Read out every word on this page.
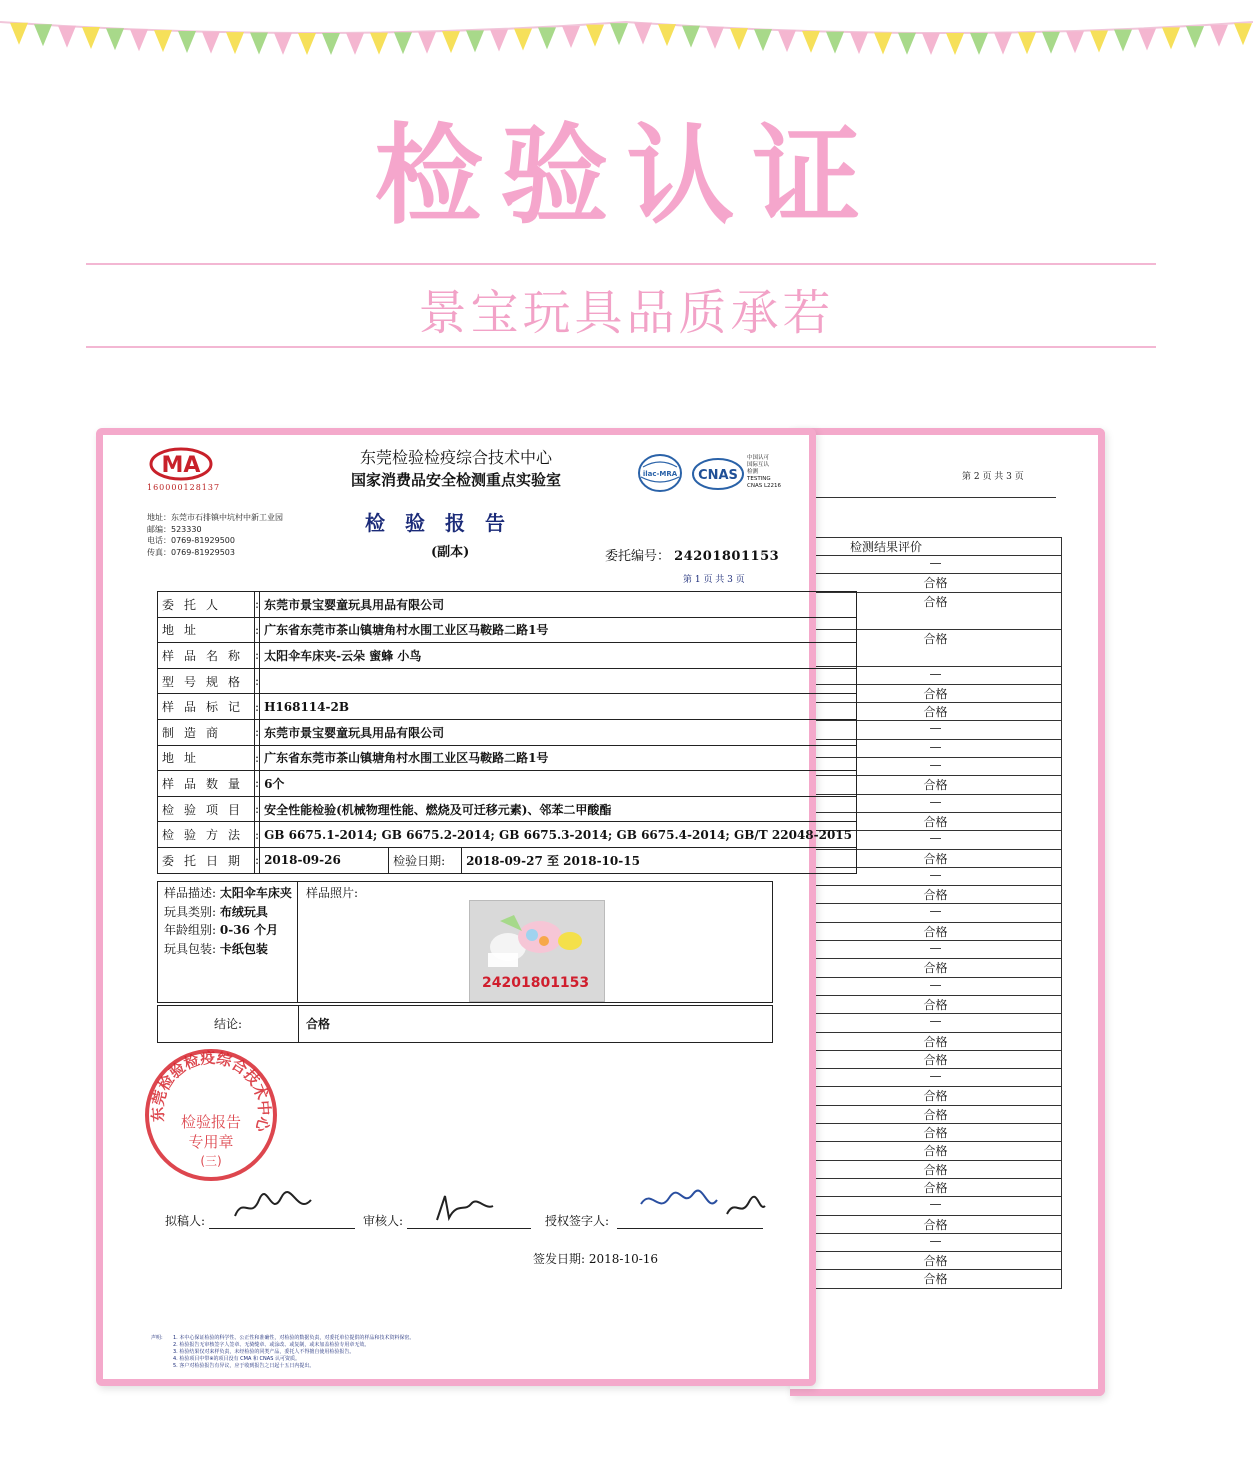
检验认证
景宝玩具品质承若
第 2 页 共 3 页
检测结果评价
—
合格
合格
合格
—
合格
合格
—
—
—
合格
—
合格
—
合格
—
合格
—
合格
—
合格
—
合格
—
合格
合格
—
合格
合格
合格
合格
合格
合格
—
合格
—
合格
合格

MA
160000128137
东莞检验检疫综合技术中心
国家消费品安全检测重点实验室	ilac-MRA CNAS
中国认可
国际互认
检测
TESTING
CNAS L2216
地址：东莞市石排镇中坑村中新工业园
邮编：523330
电话：0769-81929500
传真：0769-81929503
检验报告
(副本)	委托编号： 24201801153
第 1 页 共 3 页
委托人	:	东莞市景宝婴童玩具用品有限公司		
地址	:	广东省东莞市茶山镇塘角村水围工业区马鞍路二路1号		
样品名称	:	太阳伞车床夹-云朵 蜜蜂 小鸟		
型号规格	:			
样品标记	:	H168114-2B		
制造商	:	东莞市景宝婴童玩具用品有限公司		
地址	:	广东省东莞市茶山镇塘角村水围工业区马鞍路二路1号		
样品数量	:	6个		
检验项目	:	安全性能检验(机械物理性能、燃烧及可迁移元素)、邻苯二甲酸酯		
检验方法	:	GB 6675.1-2014; GB 6675.2-2014; GB 6675.3-2014; GB 6675.4-2014; GB/T 22048-2015		
委托日期	:	2018-09-26	检验日期:	2018-09-27 至 2018-10-15
样品描述: 太阳伞车床夹
玩具类别: 布绒玩具
年龄组别: 0-36 个月
玩具包装: 卡纸包装
样品照片:
24201801153
结论:	合格
东莞检验检疫综合技术中心
检验报告
专用章
(三)
拟稿人:	审核人:	授权签字人:
签发日期: 2018-10-16
声明: 1. 本中心保证检验的科学性、公正性和准确性，对检验的数据负责，对委托单位提供的样品和技术资料保密。
2. 检验报告无审核签字人签章、无骑缝章、或涂改、或复制，或未加盖检验专用章无效。
3. 检验结果仅对来样负责，未经检验的同类产品，委托人不得擅自使用检验报告。
4. 检验项目中带※的项目没有 CMA 和 CNAS 认可资质。
5. 客户对检验报告有异议，应于收到报告之日起十五日内提出。
